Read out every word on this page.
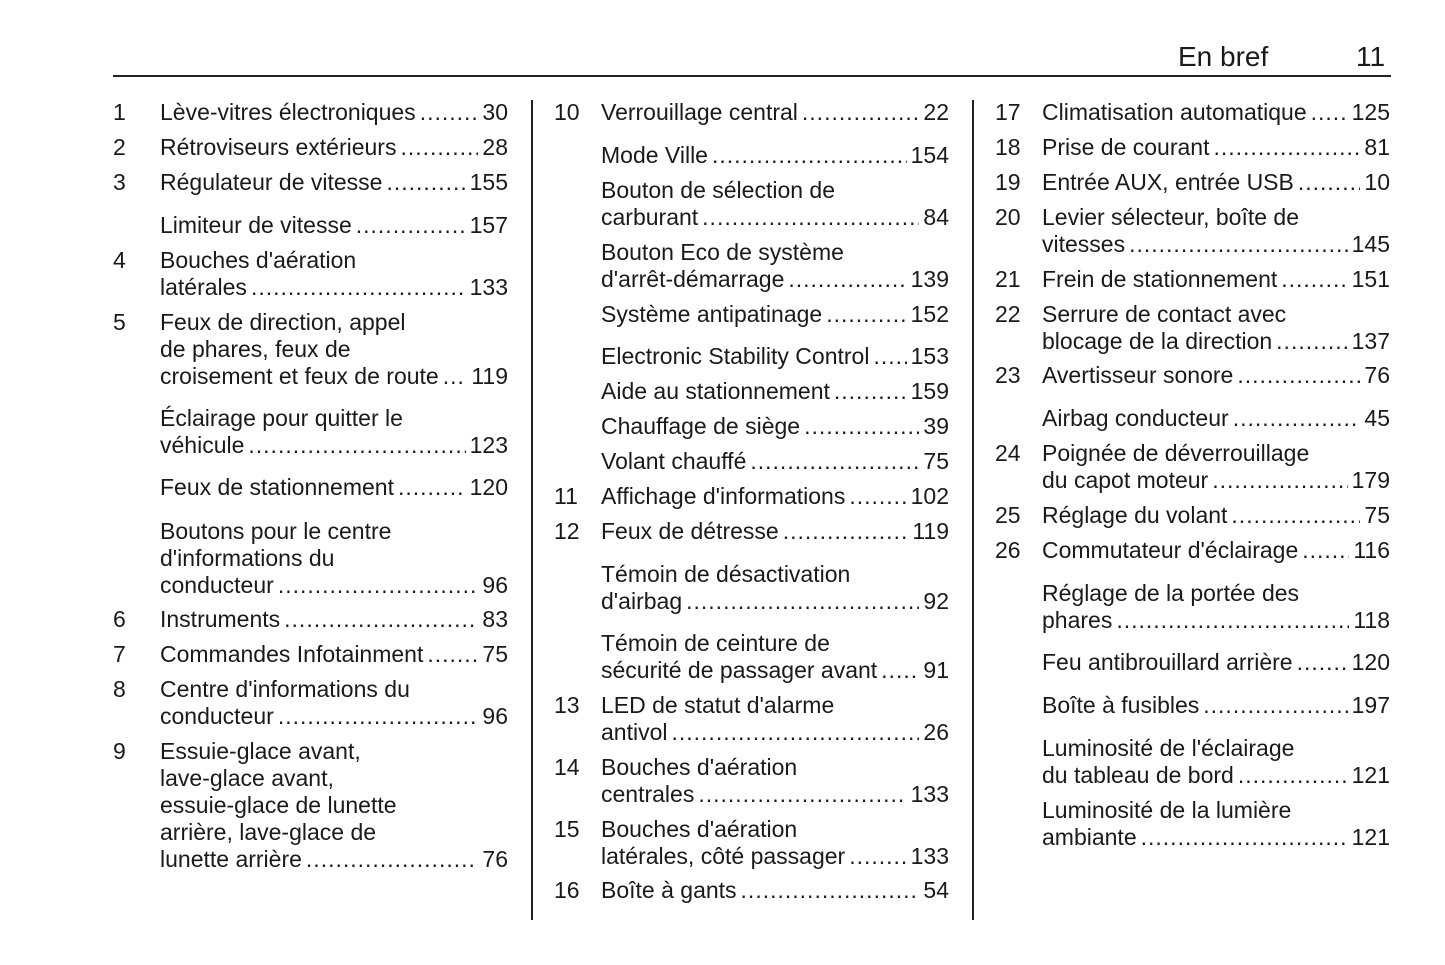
En bref	11
1 Lève-vitres électroniques .....	30
2 Rétroviseurs extérieurs .....	28
3 Régulateur de vitesse .....	155
Limiteur de vitesse .....	157
4 Bouches d'aération
latérales .....	133
5 Feux de direction, appel
de phares, feux de
croisement et feux de route ..... 119
Éclairage pour quitter le
véhicule .....	123
Feux de stationnement .....	120
Boutons pour le centre
d'informations du
conducteur .....	96
6 Instruments .....	83
7 Commandes Infotainment .....	75
8 Centre d'informations du
conducteur .....	96
9 Essuie-glace avant,
lave-glace avant,
essuie-glace de lunette
arrière, lave-glace de
lunette arrière .....	76
10 Verrouillage central .....	22
Mode Ville .....	154
Bouton de sélection de
carburant .....	84
Bouton Eco de système
d'arrêt-démarrage .....	139
Système antipatinage .....	152
Electronic Stability Control ..... 153
Aide au stationnement .....	159
Chauffage de siège .....	39
Volant chauffé .....	75
11 Affichage d'informations .....	102
12 Feux de détresse .....	119
Témoin de désactivation
d'airbag .....	92
Témoin de ceinture de
sécurité de passager avant ..... 91
13 LED de statut d'alarme
antivol .....	26
14 Bouches d'aération
centrales .....	133
15 Bouches d'aération
latérales, côté passager .....	133
16 Boîte à gants .....	54
17 Climatisation automatique ..... 125
18 Prise de courant .....	81
19 Entrée AUX, entrée USB .....	10
20 Levier sélecteur, boîte de
vitesses .....	145
21 Frein de stationnement .....	151
22 Serrure de contact avec
blocage de la direction .....	137
23 Avertisseur sonore .....	76
Airbag conducteur .....	45
24 Poignée de déverrouillage
du capot moteur .....	179
25 Réglage du volant .....	75
26 Commutateur d'éclairage ..... 116
Réglage de la portée des
phares .....	118
Feu antibrouillard arrière .....	120
Boîte à fusibles .....	197
Luminosité de l'éclairage
du tableau de bord .....	121
Luminosité de la lumière
ambiante .....	121
